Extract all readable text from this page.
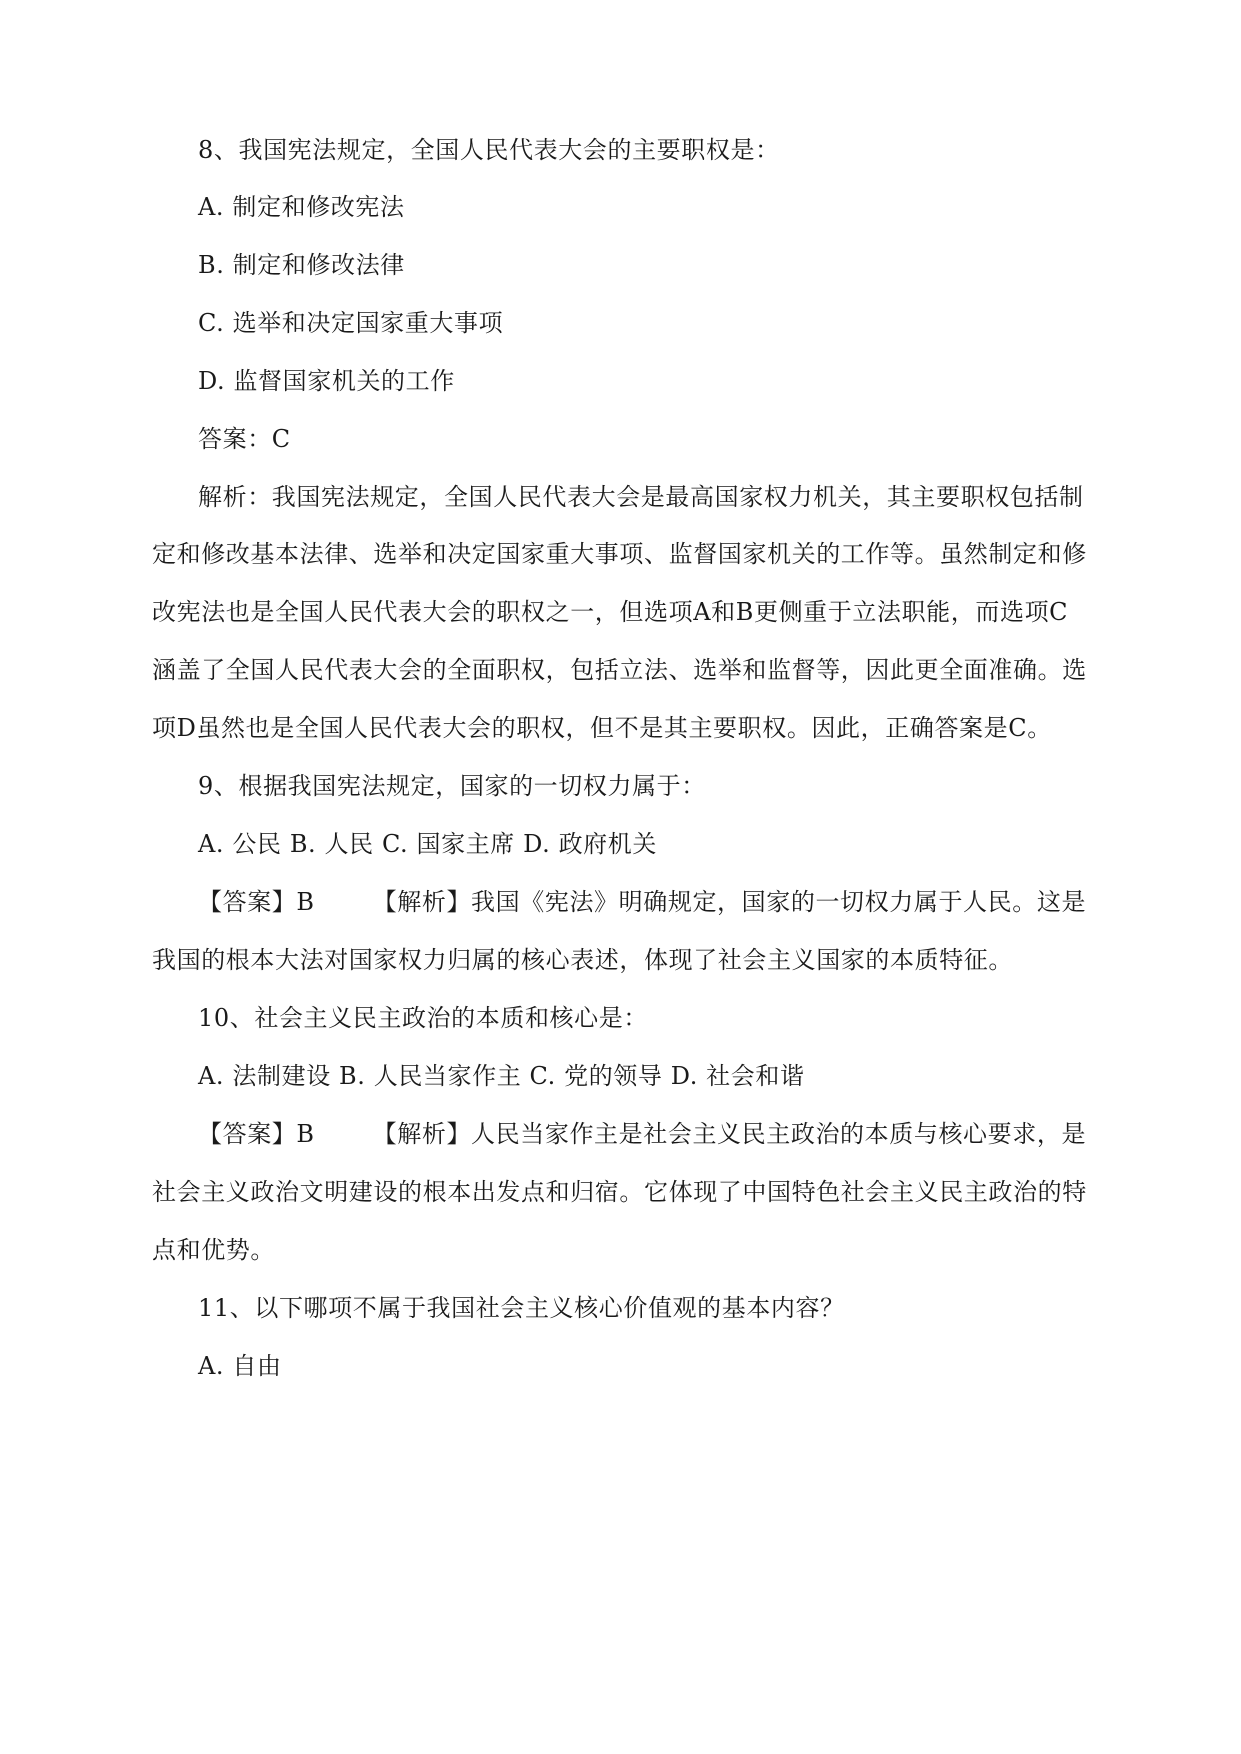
8、我国宪法规定，全国人民代表大会的主要职权是：
A. 制定和修改宪法
B. 制定和修改法律
C. 选举和决定国家重大事项
D. 监督国家机关的工作
答案：C
解析：我国宪法规定，全国人民代表大会是最高国家权力机关，其主要职权包括制
定和修改基本法律、选举和决定国家重大事项、监督国家机关的工作等。虽然制定和修
改宪法也是全国人民代表大会的职权之一，但选项A和B更侧重于立法职能，而选项C
涵盖了全国人民代表大会的全面职权，包括立法、选举和监督等，因此更全面准确。选
项D虽然也是全国人民代表大会的职权，但不是其主要职权。因此，正确答案是C。
9、根据我国宪法规定，国家的一切权力属于：
A. 公民 B. 人民 C. 国家主席 D. 政府机关
【答案】B 【解析】我国《宪法》明确规定，国家的一切权力属于人民。这是
我国的根本大法对国家权力归属的核心表述，体现了社会主义国家的本质特征。
10、社会主义民主政治的本质和核心是：
A. 法制建设 B. 人民当家作主 C. 党的领导 D. 社会和谐
【答案】B 【解析】人民当家作主是社会主义民主政治的本质与核心要求，是
社会主义政治文明建设的根本出发点和归宿。它体现了中国特色社会主义民主政治的特
点和优势。
11、以下哪项不属于我国社会主义核心价值观的基本内容？
A. 自由
